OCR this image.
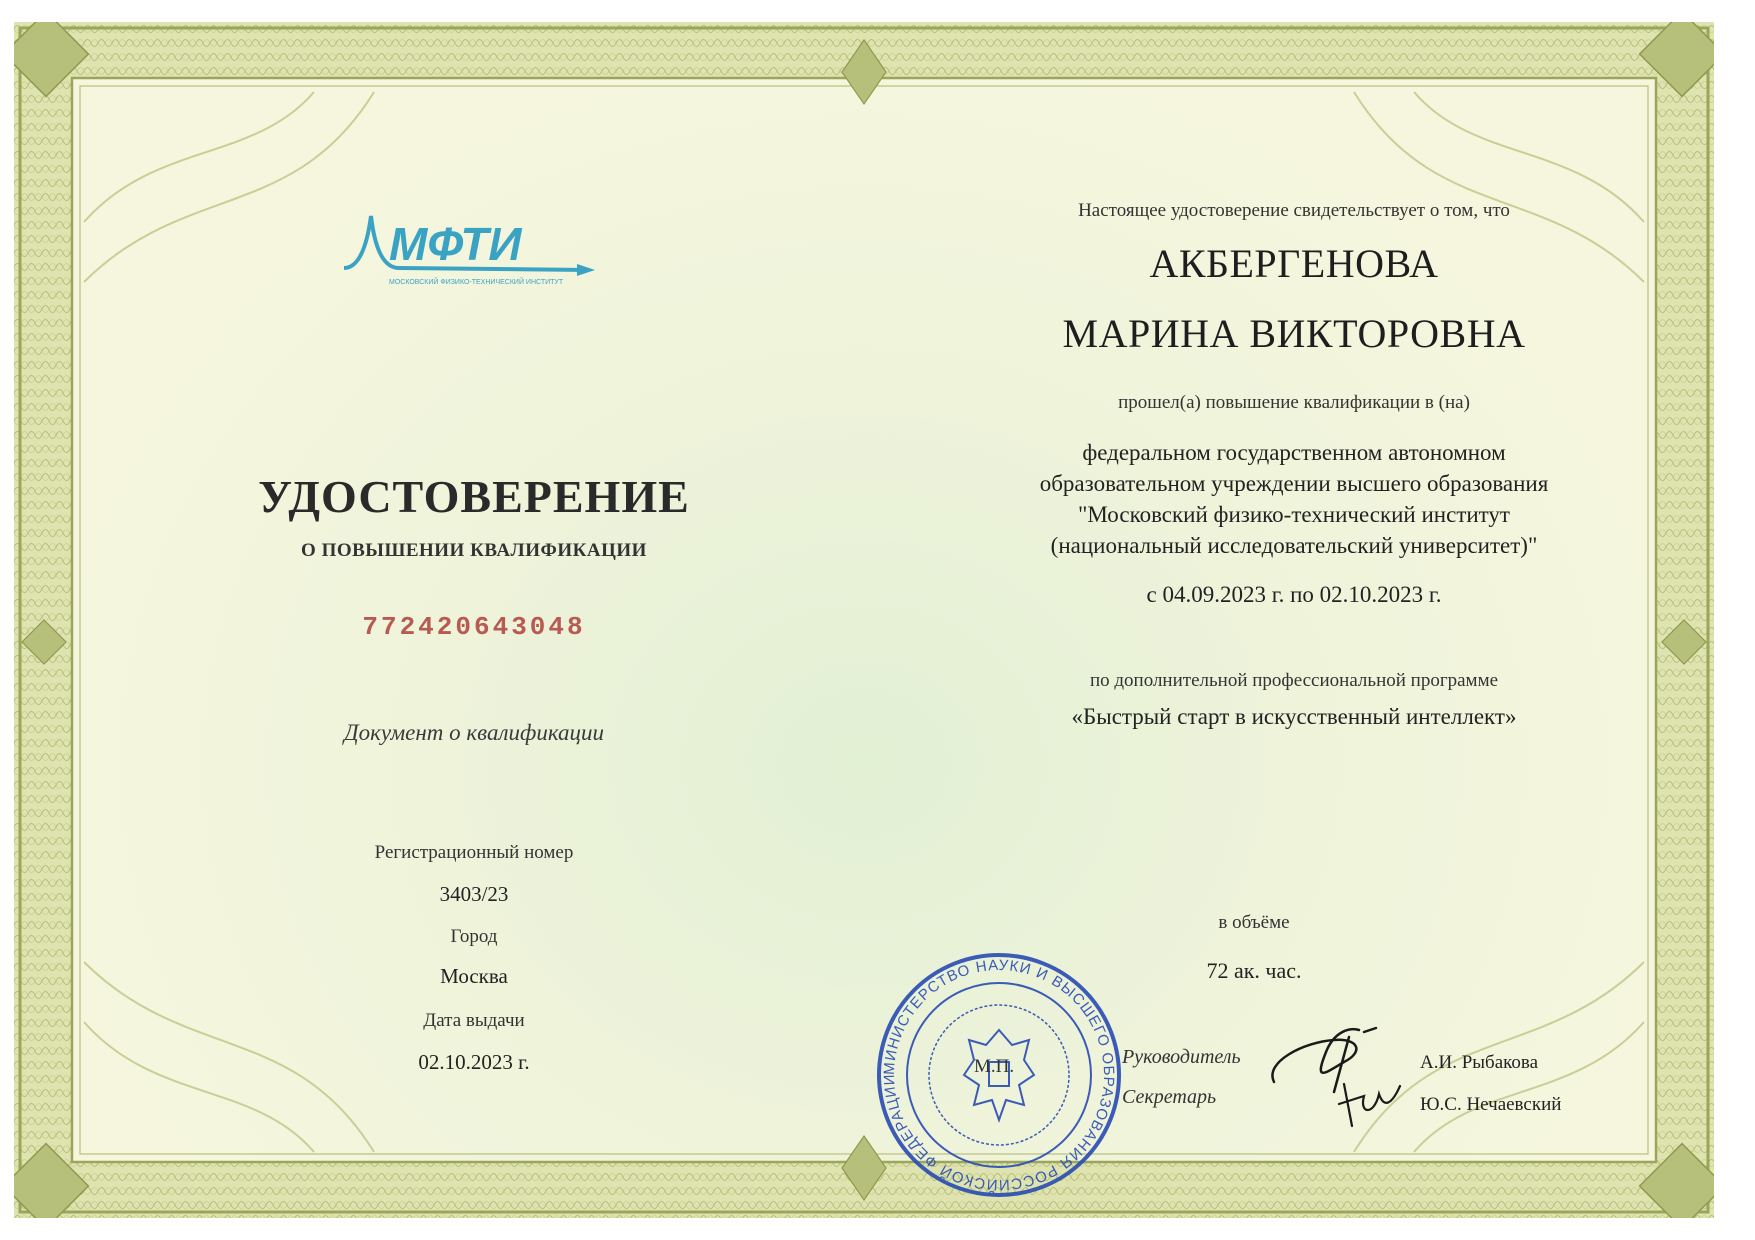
МФТИ
МОСКОВСКИЙ ФИЗИКО-ТЕХНИЧЕСКИЙ ИНСТИТУТ
УДОСТОВЕРЕНИЕ
О ПОВЫШЕНИИ КВАЛИФИКАЦИИ
772420643048
Документ о квалификации
Регистрационный номер
3403/23
Город
Москва
Дата выдачи
02.10.2023 г.
Настоящее удостоверение свидетельствует о том, что
АКБЕРГЕНОВА
МАРИНА ВИКТОРОВНА
прошел(а) повышение квалификации в (на)
федеральном государственном автономном
образовательном учреждении высшего образования
"Московский физико-технический институт
(национальный исследовательский университет)"
с 04.09.2023 г. по 02.10.2023 г.
по дополнительной профессиональной программе
«Быстрый старт в искусственный интеллект»
в объёме
72 ак. час.
МИНИСТЕРСТВО НАУКИ И ВЫСШЕГО ОБРАЗОВАНИЯ РОССИЙСКОЙ ФЕДЕРАЦИИ
М.П.	Руководитель
Секретарь
А.И. Рыбакова
Ю.С. Нечаевский
